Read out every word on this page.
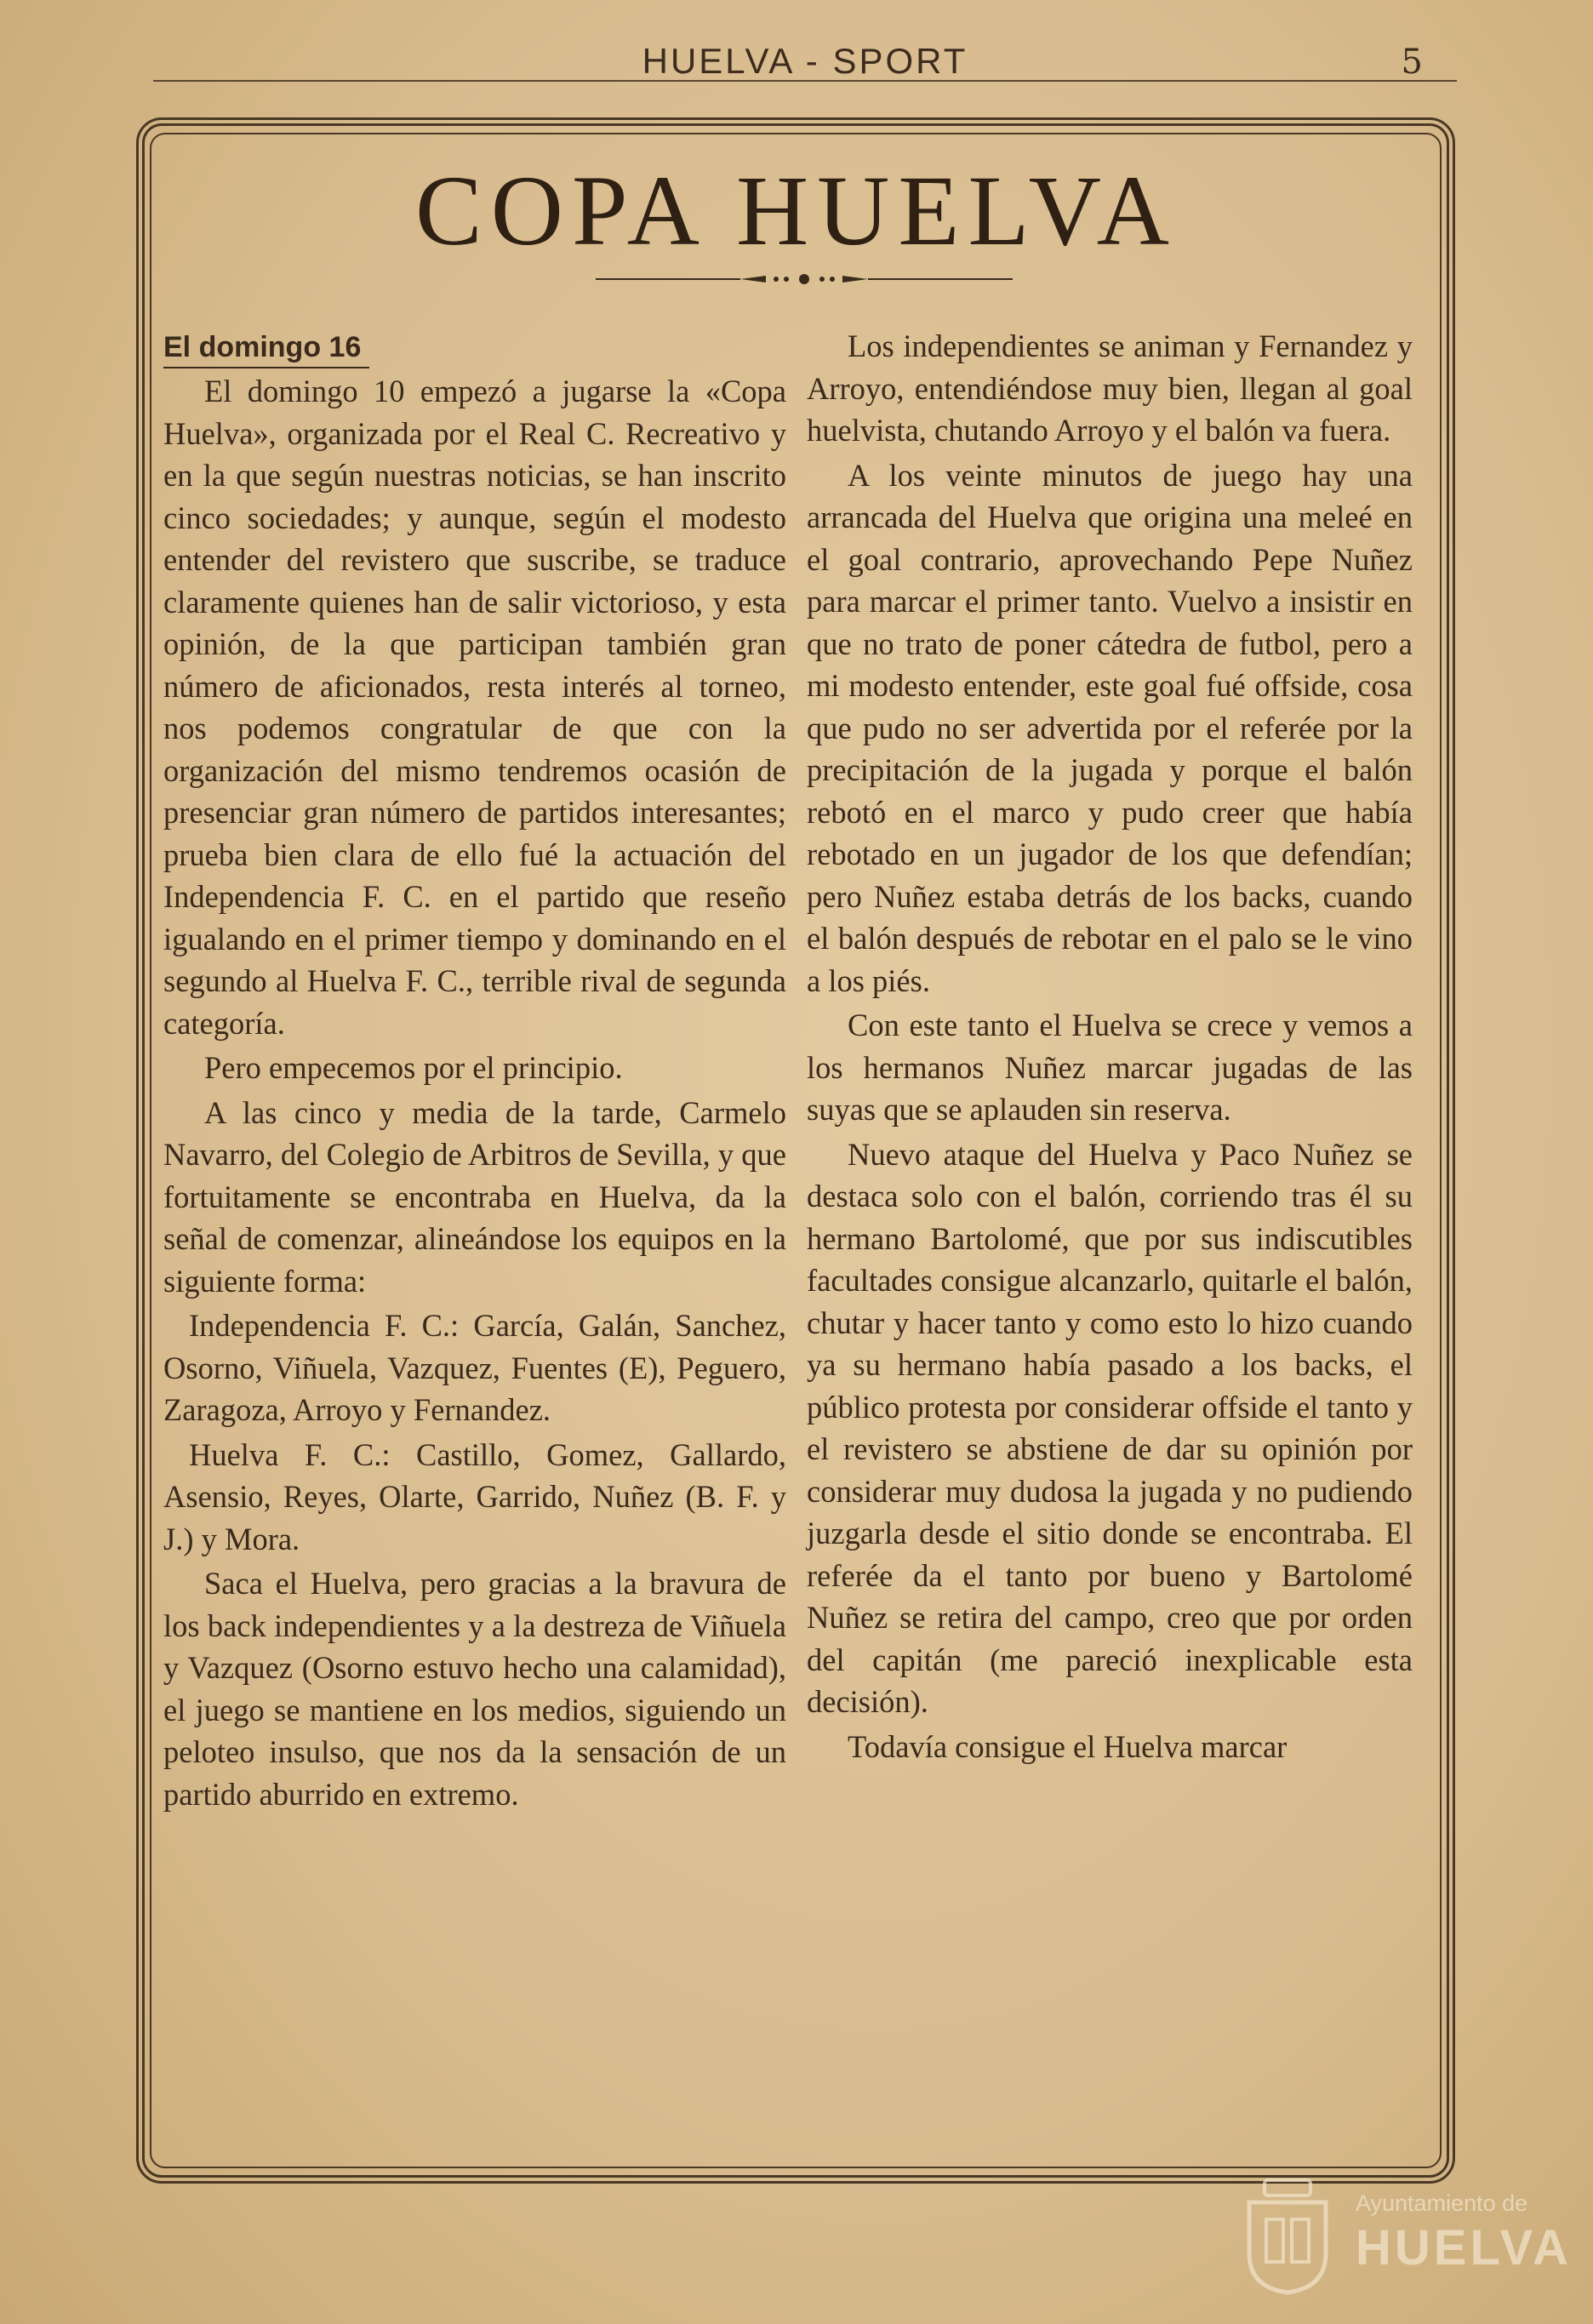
HUELVA - SPORT	5
COPA HUELVA
El domingo 16

El domingo 10 empezó a jugarse la «Copa Huelva», organizada por el Real C. Recreativo y en la que según nuestras noticias, se han inscrito cinco sociedades; y aunque, según el modesto entender del revistero que suscribe, se traduce claramente quienes han de salir victorioso, y esta opinión, de la que participan también gran número de aficionados, resta interés al torneo, nos podemos congratular de que con la organización del mismo tendremos ocasión de presenciar gran número de partidos interesantes; prueba bien clara de ello fué la actuación del Independencia F. C. en el partido que reseño igualando en el primer tiempo y dominando en el segundo al Huelva F. C., terrible rival de segunda categoría.

Pero empecemos por el principio.

A las cinco y media de la tarde, Carmelo Navarro, del Colegio de Arbitros de Sevilla, y que fortuitamente se encontraba en Huelva, da la señal de comenzar, alineándose los equipos en la siguiente forma:

Independencia F. C.: García, Galán, Sanchez, Osorno, Viñuela, Vazquez, Fuentes (E), Peguero, Zaragoza, Arroyo y Fernandez.

Huelva F. C.: Castillo, Gomez, Gallardo, Asensio, Reyes, Olarte, Garrido, Nuñez (B. F. y J.) y Mora.

Saca el Huelva, pero gracias a la bravura de los back independientes y a la destreza de Viñuela y Vazquez (Osorno estuvo hecho una calamidad), el juego se mantiene en los medios, siguiendo un peloteo insulso, que nos da la sensación de un partido aburrido en extremo.

Los independientes se animan y Fernandez y Arroyo, entendiéndose muy bien, llegan al goal huelvista, chutando Arroyo y el balón va fuera.

A los veinte minutos de juego hay una arrancada del Huelva que origina una meleé en el goal contrario, aprovechando Pepe Nuñez para marcar el primer tanto. Vuelvo a insistir en que no trato de poner cátedra de futbol, pero a mi modesto entender, este goal fué offside, cosa que pudo no ser advertida por el referée por la precipitación de la jugada y porque el balón rebotó en el marco y pudo creer que había rebotado en un jugador de los que defendían; pero Nuñez estaba detrás de los backs, cuando el balón después de rebotar en el palo se le vino a los piés.

Con este tanto el Huelva se crece y vemos a los hermanos Nuñez marcar jugadas de las suyas que se aplauden sin reserva.

Nuevo ataque del Huelva y Paco Nuñez se destaca solo con el balón, corriendo tras él su hermano Bartolomé, que por sus indiscutibles facultades consigue alcanzarlo, quitarle el balón, chutar y hacer tanto y como esto lo hizo cuando ya su hermano había pasado a los backs, el público protesta por considerar offside el tanto y el revistero se abstiene de dar su opinión por considerar muy dudosa la jugada y no pudiendo juzgarla desde el sitio donde se encontraba. El referée da el tanto por bueno y Bartolomé Nuñez se retira del campo, creo que por orden del capitán (me pareció inexplicable esta decisión).

Todavía consigue el Huelva marcar

Ayuntamiento de
HUELVA
